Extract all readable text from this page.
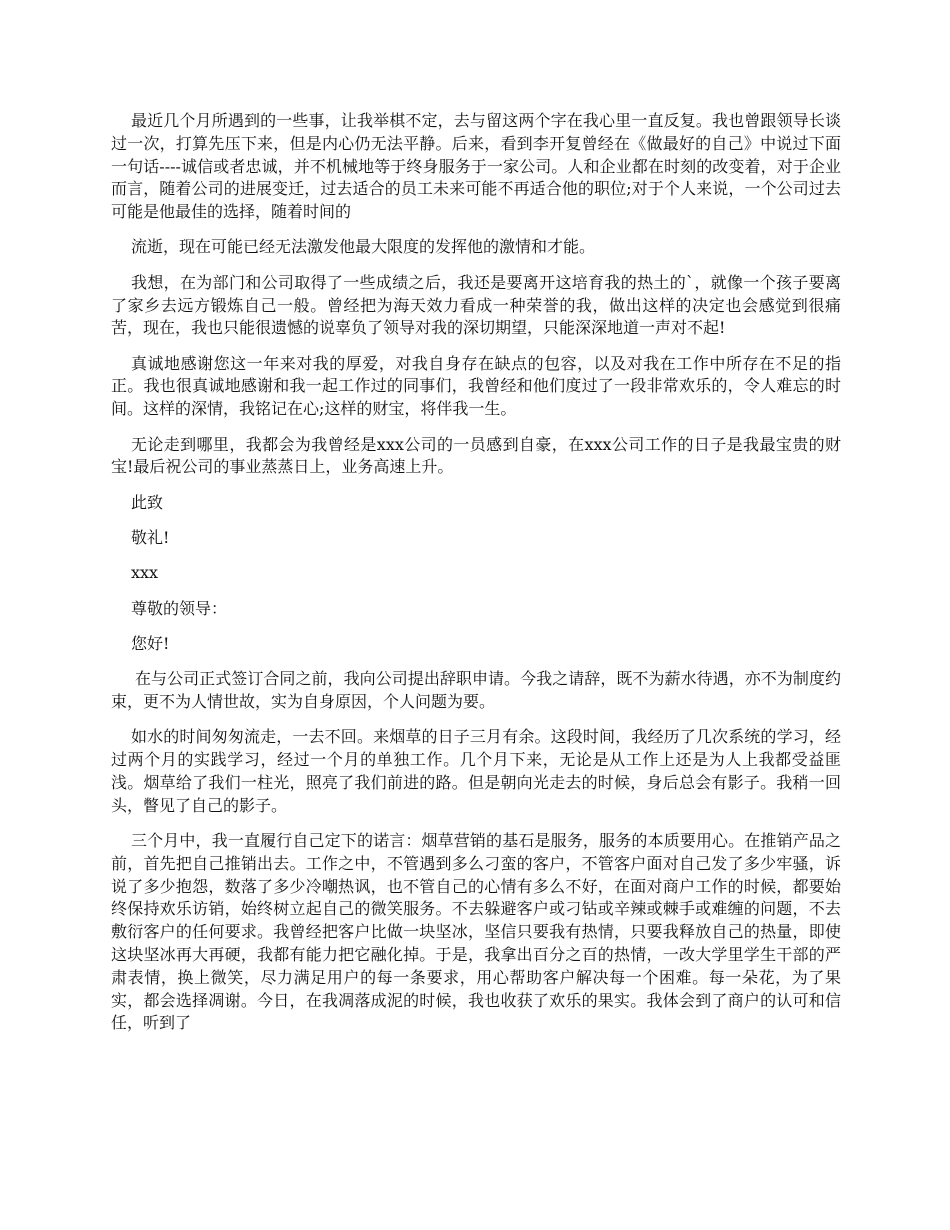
最近几个月所遇到的一些事，让我举棋不定，去与留这两个字在我心里一直反复。我也曾跟领导长谈过一次，打算先压下来，但是内心仍无法平静。后来，看到李开复曾经在《做最好的自己》中说过下面一句话----诚信或者忠诚，并不机械地等于终身服务于一家公司。人和企业都在时刻的改变着，对于企业而言，随着公司的进展变迁，过去适合的员工未来可能不再适合他的职位;对于个人来说，一个公司过去可能是他最佳的选择，随着时间的

流逝，现在可能已经无法激发他最大限度的发挥他的激情和才能。

我想，在为部门和公司取得了一些成绩之后，我还是要离开这培育我的热土的`，就像一个孩子要离了家乡去远方锻炼自己一般。曾经把为海天效力看成一种荣誉的我，做出这样的决定也会感觉到很痛苦，现在，我也只能很遗憾的说辜负了领导对我的深切期望，只能深深地道一声对不起!

真诚地感谢您这一年来对我的厚爱，对我自身存在缺点的包容，以及对我在工作中所存在不足的指正。我也很真诚地感谢和我一起工作过的同事们，我曾经和他们度过了一段非常欢乐的，令人难忘的时间。这样的深情，我铭记在心;这样的财宝，将伴我一生。

无论走到哪里，我都会为我曾经是xxx公司的一员感到自豪，在xxx公司工作的日子是我最宝贵的财宝!最后祝公司的事业蒸蒸日上，业务高速上升。

此致

敬礼!

xxx

尊敬的领导：

您好!

在与公司正式签订合同之前，我向公司提出辞职申请。今我之请辞，既不为薪水待遇，亦不为制度约束，更不为人情世故，实为自身原因，个人问题为要。

如水的时间匆匆流走，一去不回。来烟草的日子三月有余。这段时间，我经历了几次系统的学习，经过两个月的实践学习，经过一个月的单独工作。几个月下来，无论是从工作上还是为人上我都受益匪浅。烟草给了我们一柱光，照亮了我们前进的路。但是朝向光走去的时候，身后总会有影子。我稍一回头，瞥见了自己的影子。

三个月中，我一直履行自己定下的诺言：烟草营销的基石是服务，服务的本质要用心。在推销产品之前，首先把自己推销出去。工作之中，不管遇到多么刁蛮的客户，不管客户面对自己发了多少牢骚，诉说了多少抱怨，数落了多少冷嘲热讽，也不管自己的心情有多么不好，在面对商户工作的时候，都要始终保持欢乐访销，始终树立起自己的微笑服务。不去躲避客户或刁钻或辛辣或棘手或难缠的问题，不去敷衍客户的任何要求。我曾经把客户比做一块坚冰，坚信只要我有热情，只要我释放自己的热量，即使这块坚冰再大再硬，我都有能力把它融化掉。于是，我拿出百分之百的热情，一改大学里学生干部的严肃表情，换上微笑，尽力满足用户的每一条要求，用心帮助客户解决每一个困难。每一朵花，为了果实，都会选择凋谢。今日，在我凋落成泥的时候，我也收获了欢乐的果实。我体会到了商户的认可和信任，听到了
